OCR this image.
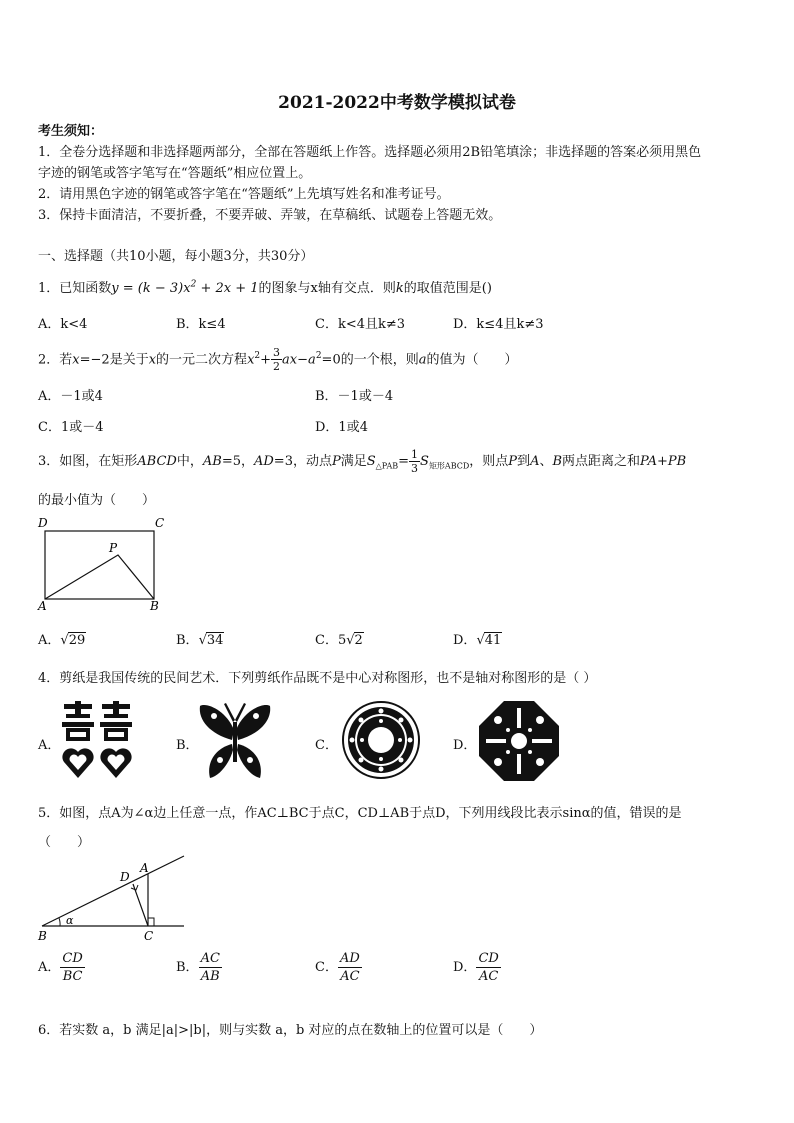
2021-2022中考数学模拟试卷
考生须知：
1．全卷分选择题和非选择题两部分，全部在答题纸上作答。选择题必须用2B铅笔填涂；非选择题的答案必须用黑色
字迹的钢笔或答字笔写在“答题纸”相应位置上。
2．请用黑色字迹的钢笔或答字笔在“答题纸”上先填写姓名和准考证号。
3．保持卡面清洁，不要折叠，不要弄破、弄皱，在草稿纸、试题卷上答题无效。
一、选择题（共10小题，每小题3分，共30分）
1．已知函数$y = (k - 3)x^2 + 2x + 1$的图象与x轴有交点．则k的取值范围是()
A．k<4	B．k≤4	C．k<4且k≠3	D．k≤4且k≠3
2．若x=−2是关于x的一元二次方程$x^2+ \frac{3}{2} ax-a^2=0$的一个根，则a的值为（　　）
A．－1或4	B．－1或－4
C．1或－4	D．1或4
3．如图，在矩形ABCD中，AB=5，AD=3，动点P满足$S_{\triangle PAB}= \frac{1}{3} S_{矩形ABCD}$，则点P到A、B两点距离之和PA+PB
的最小值为（　　）
D	C
P
A	B
A．√29	B．√34	C．5√2	D．√41
4．剪纸是我国传统的民间艺术．下列剪纸作品既不是中心对称图形，也不是轴对称图形的是（ ）
A．	B．	C．	D．
5．如图，点A为∠α边上任意一点，作AC⊥BC于点C，CD⊥AB于点D，下列用线段比表示sinα的值，错误的是
（　　）
A
D
α
B	C
A． $\frac{CD}{BC}$	B． $\frac{AC}{AB}$	C． $\frac{AD}{AC}$	D． $\frac{CD}{AC}$
6．若实数 a，b 满足|a|>|b|，则与实数 a，b 对应的点在数轴上的位置可以是（　　）
